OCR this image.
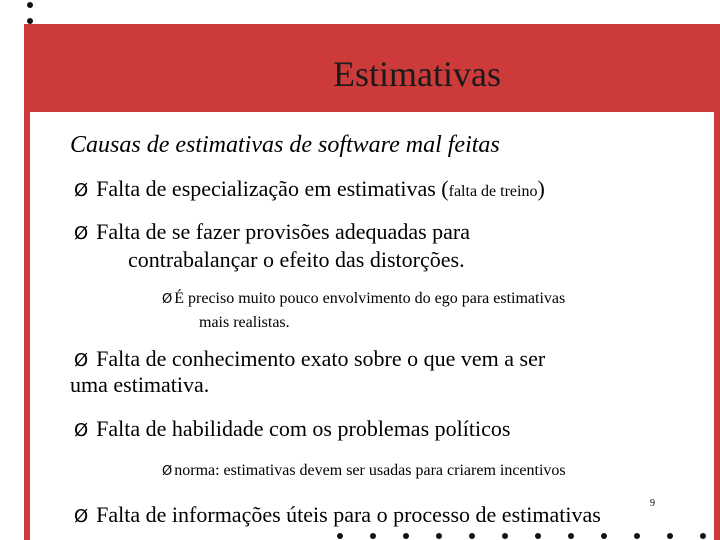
Estimativas
Causas de estimativas de software mal feitas
Ø Falta de especialização em estimativas (falta de treino)
Ø Falta de se fazer provisões adequadas para
contrabalançar o efeito das distorções.
Ø É preciso muito pouco envolvimento do ego para estimativas
mais realistas.
Ø Falta de conhecimento exato sobre o que vem a ser
uma estimativa.
Ø Falta de habilidade com os problemas políticos
Ø norma: estimativas devem ser usadas para criarem incentivos
Ø Falta de informações úteis para o processo de estimativas	9
